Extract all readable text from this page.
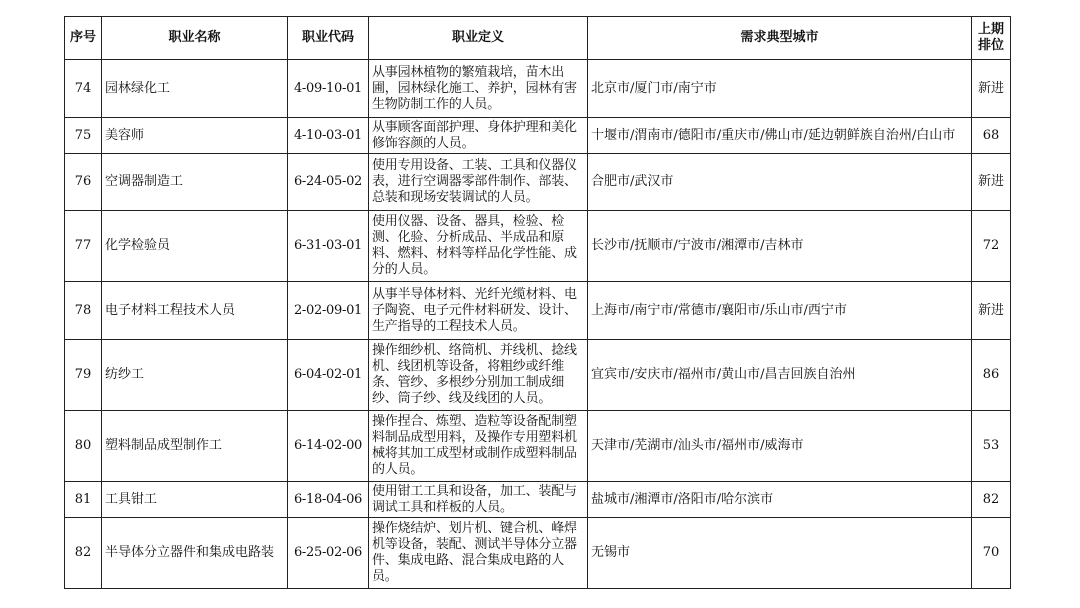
序号	职业名称	职业代码	职业定义	需求典型城市	上期
排位
74	园林绿化工	4-09-10-01	从事园林植物的繁殖栽培，苗木出圃，园林绿化施工、养护，园林有害生物防制工作的人员。	北京市/厦门市/南宁市	新进
75	美容师	4-10-03-01	从事顾客面部护理、身体护理和美化修饰容颜的人员。	十堰市/渭南市/德阳市/重庆市/佛山市/延边朝鲜族自治州/白山市	68
76	空调器制造工	6-24-05-02	使用专用设备、工装、工具和仪器仪表，进行空调器零部件制作、部装、总装和现场安装调试的人员。	合肥市/武汉市	新进
77	化学检验员	6-31-03-01	使用仪器、设备、器具，检验、检测、化验、分析成品、半成品和原料、燃料、材料等样品化学性能、成分的人员。	长沙市/抚顺市/宁波市/湘潭市/吉林市	72
78	电子材料工程技术人员	2-02-09-01	从事半导体材料、光纤光缆材料、电子陶瓷、电子元件材料研发、设计、生产指导的工程技术人员。	上海市/南宁市/常德市/襄阳市/乐山市/西宁市	新进
79	纺纱工	6-04-02-01	操作细纱机、络筒机、并线机、捻线机、线团机等设备，将粗纱或纤维条、管纱、多根纱分别加工制成细纱、筒子纱、线及线团的人员。	宜宾市/安庆市/福州市/黄山市/昌吉回族自治州	86
80	塑料制品成型制作工	6-14-02-00	操作捏合、炼塑、造粒等设备配制塑料制品成型用料，及操作专用塑料机械将其加工成型材或制作成塑料制品的人员。	天津市/芜湖市/汕头市/福州市/威海市	53
81	工具钳工	6-18-04-06	使用钳工工具和设备，加工、装配与调试工具和样板的人员。	盐城市/湘潭市/洛阳市/哈尔滨市	82
82	半导体分立器件和集成电路装	6-25-02-06	操作烧结炉、划片机、键合机、峰焊机等设备，装配、测试半导体分立器件、集成电路、混合集成电路的人员。	无锡市	70
